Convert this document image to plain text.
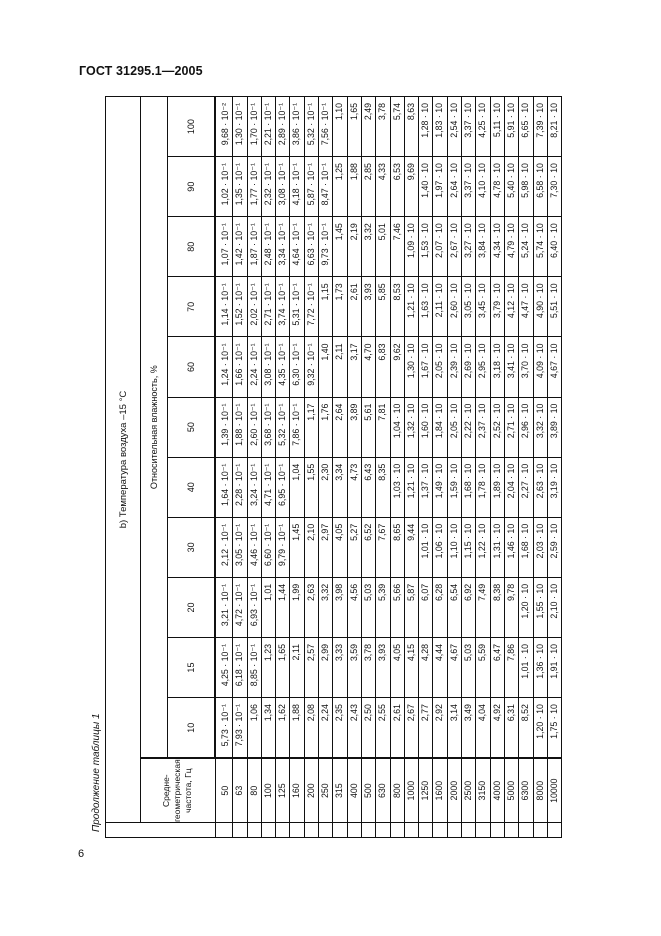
ГОСТ 31295.1—2005
Продолжение таблицы 1
	b) Температура воздуха –15 °С											
	Средне-геометрическая частота, Гц	Относительная влажность, %										
		10	15	20	30	40	50	60	70	80	90	100
	50	5,73 · 10⁻¹	4,25 · 10⁻¹	3,21 · 10⁻¹	2,12 · 10⁻¹	1,64 · 10⁻¹	1,39 · 10⁻¹	1,24 · 10⁻¹	1,14 · 10⁻¹	1,07 · 10⁻¹	1,02 · 10⁻¹	9,68 · 10⁻²
	63	7,93 · 10⁻¹	6,18 · 10⁻¹	4,72 · 10⁻¹	3,05 · 10⁻¹	2,28 · 10⁻¹	1,88 · 10⁻¹	1,66 · 10⁻¹	1,52 · 10⁻¹	1,42 · 10⁻¹	1,35 · 10⁻¹	1,30 · 10⁻¹
	80	1,06	8,85 · 10⁻¹	6,93 · 10⁻¹	4,46 · 10⁻¹	3,24 · 10⁻¹	2,60 · 10⁻¹	2,24 · 10⁻¹	2,02 · 10⁻¹	1,87 · 10⁻¹	1,77 · 10⁻¹	1,70 · 10⁻¹
	100	1,34	1,23	1,01	6,60 · 10⁻¹	4,71 · 10⁻¹	3,68 · 10⁻¹	3,08 · 10⁻¹	2,71 · 10⁻¹	2,48 · 10⁻¹	2,32 · 10⁻¹	2,21 · 10⁻¹
	125	1,62	1,65	1,44	9,79 · 10⁻¹	6,95 · 10⁻¹	5,32 · 10⁻¹	4,35 · 10⁻¹	3,74 · 10⁻¹	3,34 · 10⁻¹	3,08 · 10⁻¹	2,89 · 10⁻¹
	160	1,88	2,11	1,99	1,45	1,04	7,86 · 10⁻¹	6,30 · 10⁻¹	5,31 · 10⁻¹	4,64 · 10⁻¹	4,18 · 10⁻¹	3,86 · 10⁻¹
	200	2,08	2,57	2,63	2,10	1,55	1,17	9,32 · 10⁻¹	7,72 · 10⁻¹	6,63 · 10⁻¹	5,87 · 10⁻¹	5,32 · 10⁻¹
	250	2,24	2,99	3,32	2,97	2,30	1,76	1,40	1,15	9,73 · 10⁻¹	8,47 · 10⁻¹	7,56 · 10⁻¹
	315	2,35	3,33	3,98	4,05	3,34	2,64	2,11	1,73	1,45	1,25	1,10
	400	2,43	3,59	4,56	5,27	4,73	3,89	3,17	2,61	2,19	1,88	1,65
	500	2,50	3,78	5,03	6,52	6,43	5,61	4,70	3,93	3,32	2,85	2,49
	630	2,55	3,93	5,39	7,67	8,35	7,81	6,83	5,85	5,01	4,33	3,78
	800	2,61	4,05	5,66	8,65	1,03 · 10	1,04 · 10	9,62	8,53	7,46	6,53	5,74
	1000	2,67	4,15	5,87	9,44	1,21 · 10	1,32 · 10	1,30 · 10	1,21 · 10	1,09 · 10	9,69	8,63
	1250	2,77	4,28	6,07	1,01 · 10	1,37 · 10	1,60 · 10	1,67 · 10	1,63 · 10	1,53 · 10	1,40 · 10	1,28 · 10
	1600	2,92	4,44	6,28	1,06 · 10	1,49 · 10	1,84 · 10	2,05 · 10	2,11 · 10	2,07 · 10	1,97 · 10	1,83 · 10
	2000	3,14	4,67	6,54	1,10 · 10	1,59 · 10	2,05 · 10	2,39 · 10	2,60 · 10	2,67 · 10	2,64 · 10	2,54 · 10
	2500	3,49	5,03	6,92	1,15 · 10	1,68 · 10	2,22 · 10	2,69 · 10	3,05 · 10	3,27 · 10	3,37 · 10	3,37 · 10
	3150	4,04	5,59	7,49	1,22 · 10	1,78 · 10	2,37 · 10	2,95 · 10	3,45 · 10	3,84 · 10	4,10 · 10	4,25 · 10
	4000	4,92	6,47	8,38	1,31 · 10	1,89 · 10	2,52 · 10	3,18 · 10	3,79 · 10	4,34 · 10	4,78 · 10	5,11 · 10
	5000	6,31	7,86	9,78	1,46 · 10	2,04 · 10	2,71 · 10	3,41 · 10	4,12 · 10	4,79 · 10	5,40 · 10	5,91 · 10
	6300	8,52	1,01 · 10	1,20 · 10	1,68 · 10	2,27 · 10	2,96 · 10	3,70 · 10	4,47 · 10	5,24 · 10	5,98 · 10	6,65 · 10
	8000	1,20 · 10	1,36 · 10	1,55 · 10	2,03 · 10	2,63 · 10	3,32 · 10	4,09 · 10	4,90 · 10	5,74 · 10	6,58 · 10	7,39 · 10
	10000	1,75 · 10	1,91 · 10	2,10 · 10	2,59 · 10	3,19 · 10	3,89 · 10	4,67 · 10	5,51 · 10	6,40 · 10	7,30 · 10	8,21 · 10
6
